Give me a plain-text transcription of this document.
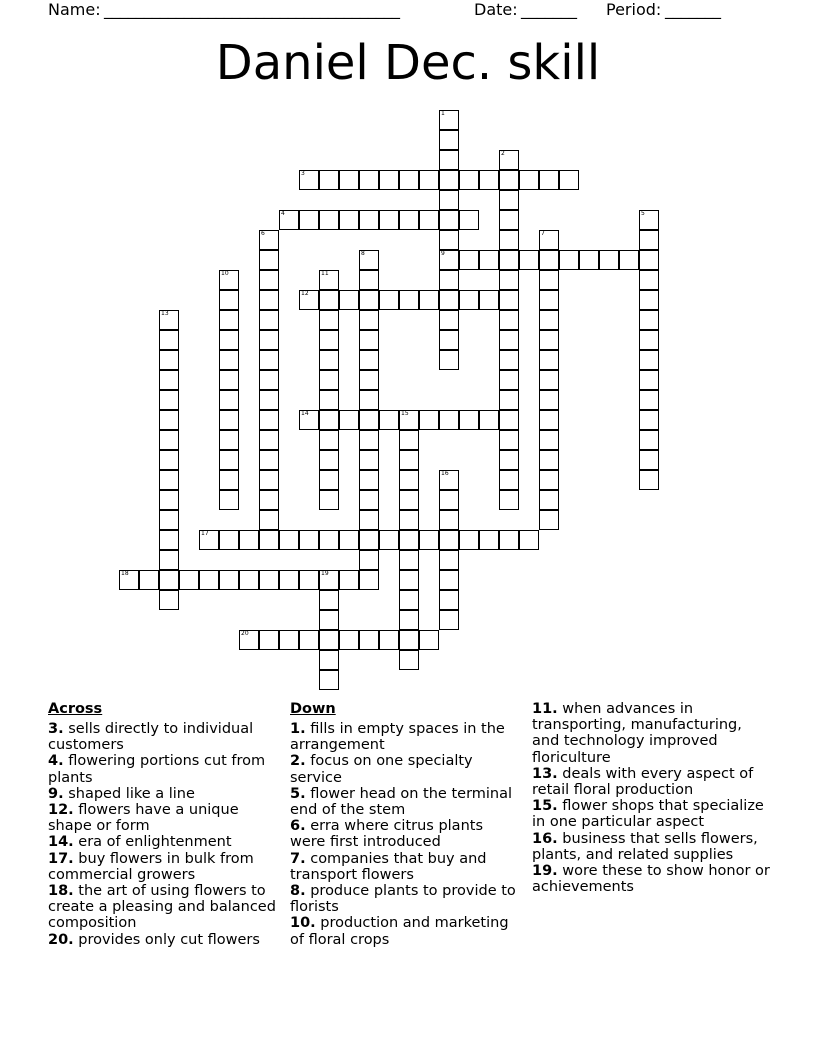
Name: _____________________________________	Date: _______ Period: _______
Daniel Dec. skill
1
2
3
4	5
6	7
8	9
10	11
12
13
14	15
16
17
18	19
20
Across
3. sells directly to individual customers
4. flowering portions cut from plants
9. shaped like a line
12. flowers have a unique shape or form
14. era of enlightenment
17. buy flowers in bulk from commercial growers
18. the art of using flowers to create a pleasing and balanced composition
20. provides only cut flowers
Down
1. fills in empty spaces in the arrangement
2. focus on one specialty service
5. flower head on the terminal end of the stem
6. erra where citrus plants were first introduced
7. companies that buy and transport flowers
8. produce plants to provide to florists
10. production and marketing of floral crops
11. when advances in transporting, manufacturing, and technology improved floriculture
13. deals with every aspect of retail floral production
15. flower shops that specialize in one particular aspect
16. business that sells flowers, plants, and related supplies
19. wore these to show honor or achievements
